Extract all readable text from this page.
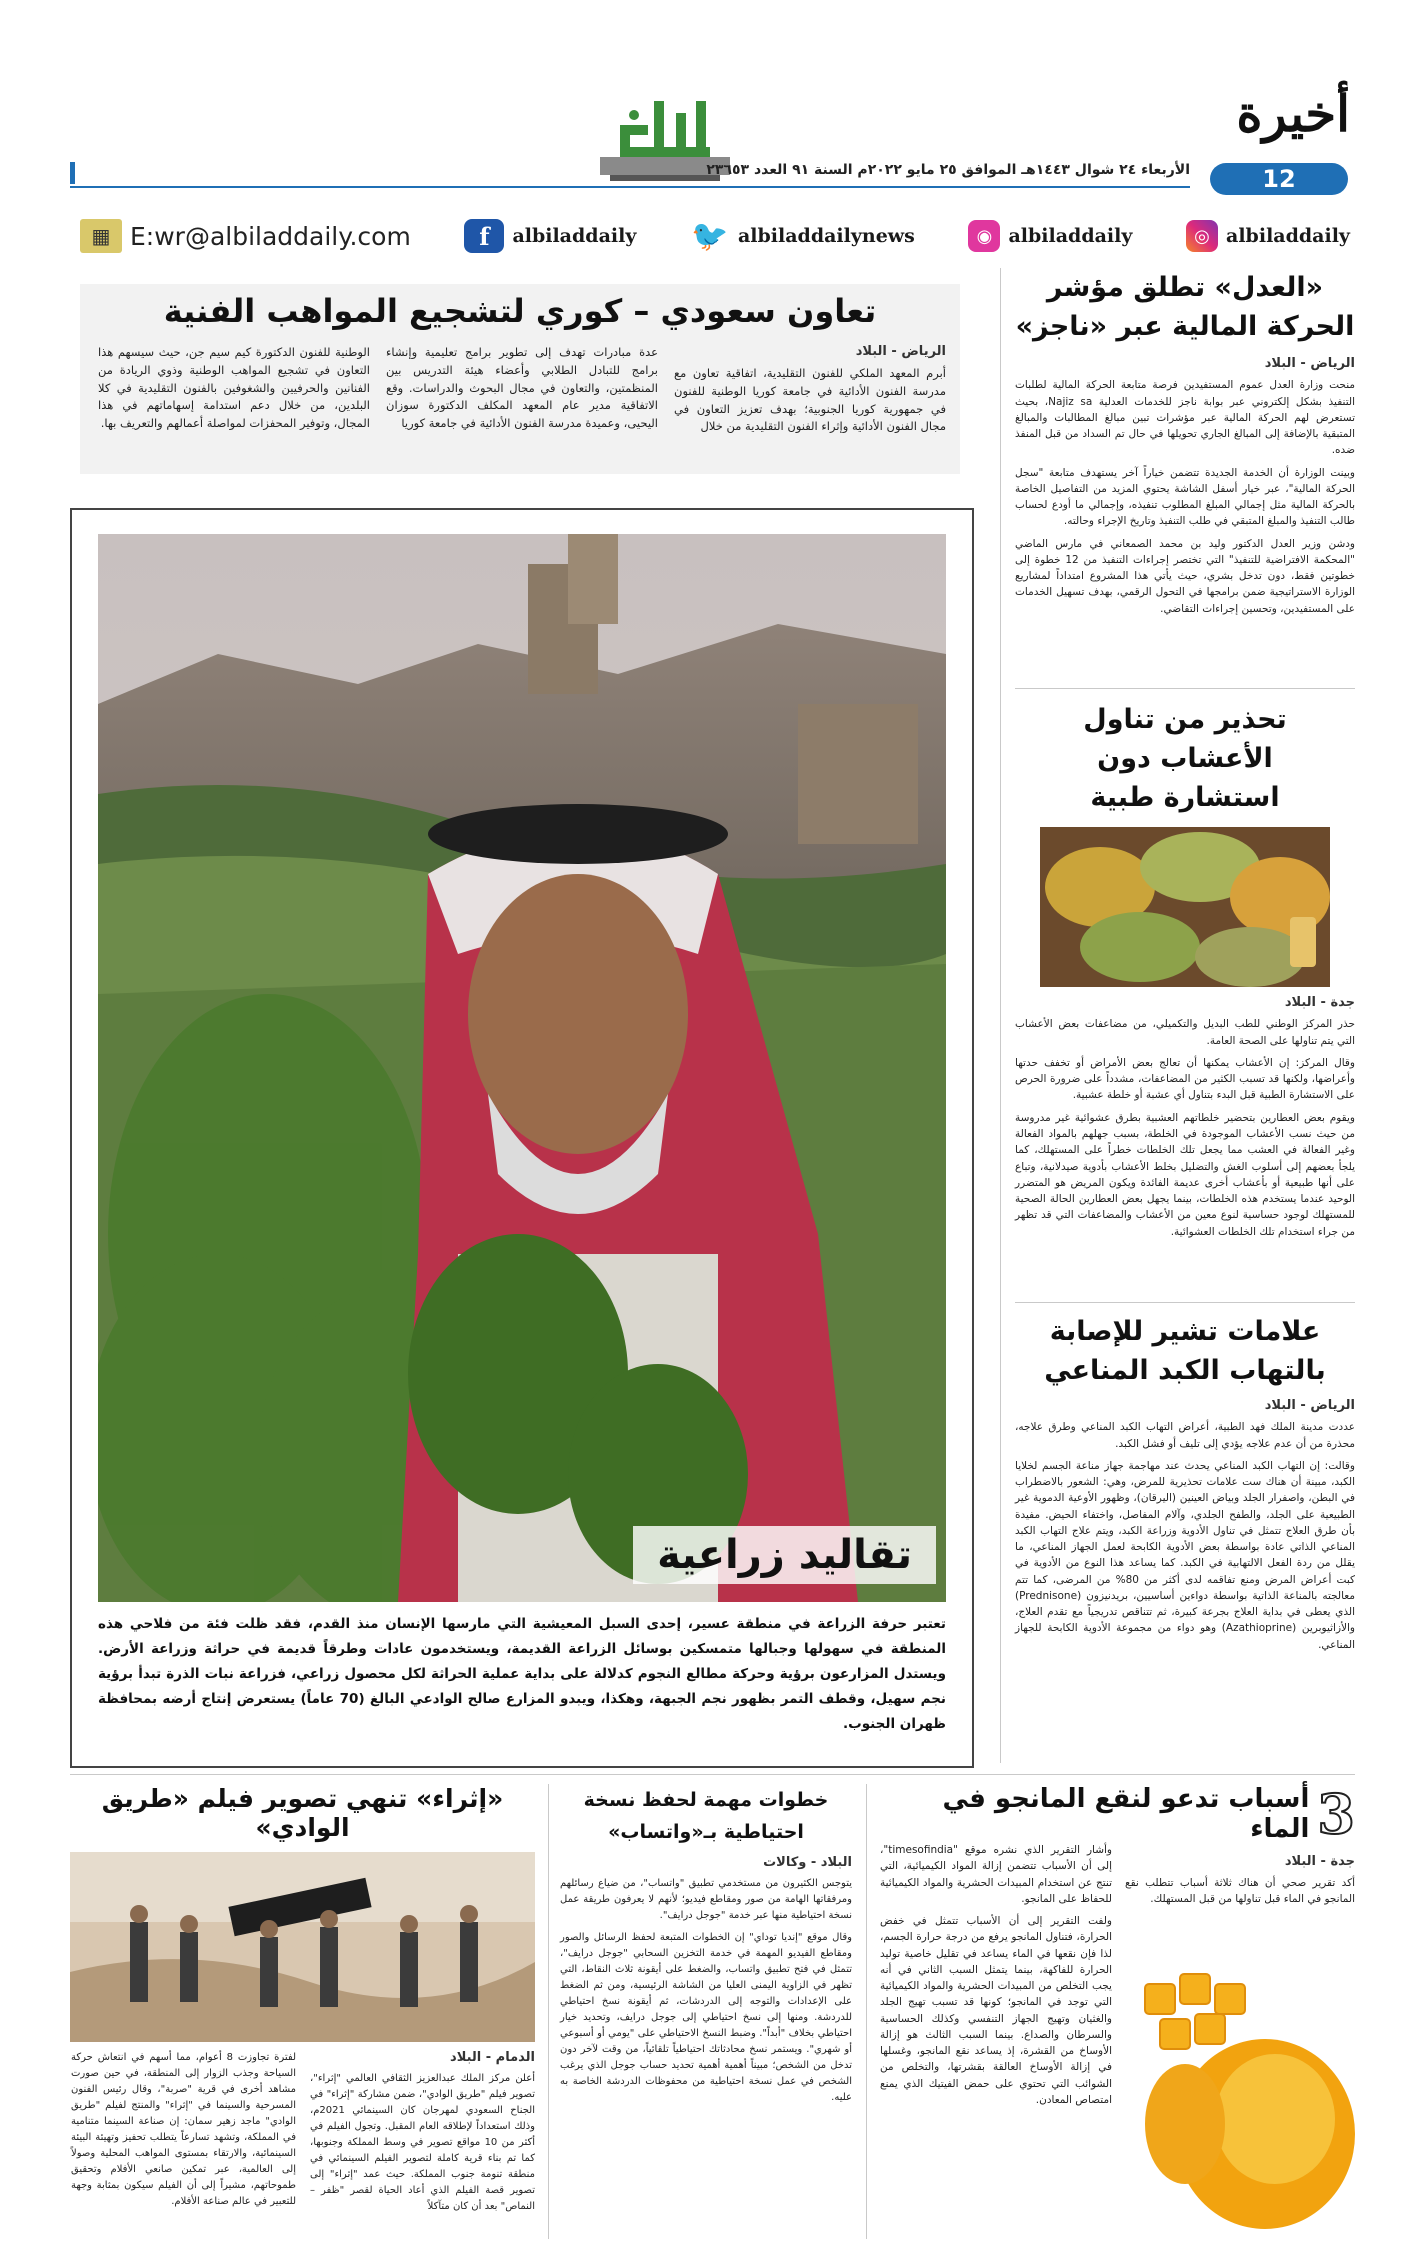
أخيرة
12
الأربعاء ٢٤ شوال ١٤٤٣هـ الموافق ٢٥ مايو ٢٠٢٢م السنة ٩١ العدد ٢٣٦٥٣
◎ albiladdaily
◉ albiladdaily
🐦 albiladdailynews
f	albiladdaily
▦ E:wr@albiladdaily.com
تعاون سعودي – كوري لتشجيع المواهب الفنية
الرياض - البلاد

أبرم المعهد الملكي للفنون التقليدية، اتفاقية تعاون مع مدرسة الفنون الأدائية في جامعة كوريا الوطنية للفنون في جمهورية كوريا الجنوبية؛ بهدف تعزيز التعاون في مجال الفنون الأدائية وإثراء الفنون التقليدية من خلال

عدة مبادرات تهدف إلى تطوير برامج تعليمية وإنشاء برامج للتبادل الطلابي وأعضاء هيئة التدريس بين المنظمتين، والتعاون في مجال البحوث والدراسات. وقع الاتفاقية مدير عام المعهد المكلف الدكتورة سوزان اليحيى، وعميدة مدرسة الفنون الأدائية في جامعة كوريا

الوطنية للفنون الدكتورة كيم سيم جن، حيث سيسهم هذا التعاون في تشجيع المواهب الوطنية وذوي الريادة من الفنانين والحرفيين والشغوفين بالفنون التقليدية في كلا البلدين، من خلال دعم استدامة إسهاماتهم في هذا المجال، وتوفير المحفزات لمواصلة أعمالهم والتعريف بها.

تقاليد زراعية
تعتبر حرفة الزراعة في منطقة عسير، إحدى السبل المعيشية التي مارسها الإنسان منذ القدم، فقد ظلت فئة من فلاحي هذه المنطقة في سهولها وجبالها متمسكين بوسائل الزراعة القديمة، ويستخدمون عادات وطرقاً قديمة في حراثة وزراعة الأرض. ويستدل المزارعون برؤية وحركة مطالع النجوم كدلالة على بداية عملية الحراثة لكل محصول زراعي، فزراعة نبات الذرة تبدأ برؤية نجم سهيل، وقطف التمر بظهور نجم الجبهة، وهكذا، ويبدو المزارع صالح الوادعي البالغ (70 عاماً) يستعرض إنتاج أرضه بمحافظة ظهران الجنوب.
«العدل» تطلق مؤشر الحركة المالية عبر «ناجز»
الرياض - البلاد

منحت وزارة العدل عموم المستفيدين فرصة متابعة الحركة المالية لطلبات التنفيذ بشكل إلكتروني عبر بوابة ناجز للخدمات العدلية Najiz sa، بحيث تستعرض لهم الحركة المالية عبر مؤشرات تبين مبالغ المطالبات والمبالغ المتبقية بالإضافة إلى المبالغ الجاري تحويلها في حال تم السداد من قبل المنفذ ضده.

وبينت الوزارة أن الخدمة الجديدة تتضمن خياراً آخر يستهدف متابعة "سجل الحركة المالية"، عبر خيار أسفل الشاشة يحتوي المزيد من التفاصيل الخاصة بالحركة المالية مثل إجمالي المبلغ المطلوب تنفيذه، وإجمالي ما أودع لحساب طالب التنفيذ والمبلغ المتبقي في طلب التنفيذ وتاريخ الإجراء وحالته.

ودشن وزير العدل الدكتور وليد بن محمد الصمعاني في مارس الماضي "المحكمة الافتراضية للتنفيذ" التي تختصر إجراءات التنفيذ من 12 خطوة إلى خطوتين فقط، دون تدخل بشري، حيث يأتي هذا المشروع امتداداً لمشاريع الوزارة الاستراتيجية ضمن برامجها في التحول الرقمي، بهدف تسهيل الخدمات على المستفيدين، وتحسين إجراءات التقاضي.

تحذير من تناول الأعشاب دون استشارة طبية
جدة - البلاد

حذر المركز الوطني للطب البديل والتكميلي، من مضاعفات بعض الأعشاب التي يتم تناولها على الصحة العامة.

وقال المركز: إن الأعشاب يمكنها أن تعالج بعض الأمراض أو تخفف حدتها وأعراضها، ولكنها قد تسبب الكثير من المضاعفات، مشدداً على ضرورة الحرص على الاستشارة الطبية قبل البدء بتناول أي عشبة أو خلطة عشبية.

ويقوم بعض العطارين بتحضير خلطاتهم العشبية بطرق عشوائية غير مدروسة من حيث نسب الأعشاب الموجودة في الخلطة، بسبب جهلهم بالمواد الفعالة وغير الفعالة في العشب مما يجعل تلك الخلطات خطراً على المستهلك، كما يلجأ بعضهم إلى أسلوب الغش والتضليل بخلط الأعشاب بأدوية صيدلانية، وتباع على أنها طبيعية أو بأعشاب أخرى عديمة الفائدة ويكون المريض هو المتضرر الوحيد عندما يستخدم هذه الخلطات، بينما يجهل بعض العطارين الحالة الصحية للمستهلك لوجود حساسية لنوع معين من الأعشاب والمضاعفات التي قد تظهر من جراء استخدام تلك الخلطات العشوائية.

علامات تشير للإصابة بالتهاب الكبد المناعي
الرياض - البلاد

عددت مدينة الملك فهد الطبية، أعراض التهاب الكبد المناعي وطرق علاجه، محذرة من أن عدم علاجه يؤدي إلى تليف أو فشل الكبد.

وقالت: إن التهاب الكبد المناعي يحدث عند مهاجمة جهاز مناعة الجسم لخلايا الكبد، مبينة أن هناك ست علامات تحذيرية للمرض، وهي: الشعور بالاضطراب في البطن، واصفرار الجلد وبياض العينين (اليرقان)، وظهور الأوعية الدموية غير الطبيعية على الجلد، والطفح الجلدي، وآلام المفاصل، واختفاء الحيض. مفيدة بأن طرق العلاج تتمثل في تناول الأدوية وزراعة الكبد، ويتم علاج التهاب الكبد المناعي الذاتي عادة بواسطة بعض الأدوية الكابحة لعمل الجهاز المناعي، ما يقلل من ردة الفعل الالتهابية في الكبد. كما يساعد هذا النوع من الأدوية في كبت أعراض المرض ومنع تفاقمه لدى أكثر من 80% من المرضى، كما تتم معالجته بالمناعة الذاتية بواسطة دواءين أساسيين، بريدنيزون (Prednisone) الذي يعطى في بداية العلاج بجرعة كبيرة، ثم تتناقص تدريجياً مع تقدم العلاج، والأزاثيوبرين (Azathioprine) وهو دواء من مجموعة الأدوية الكابحة للجهاز المناعي.

3
أسباب تدعو لنقع المانجو في الماء
جدة - البلاد

أكد تقرير صحي أن هناك ثلاثة أسباب تتطلب نقع المانجو في الماء قبل تناولها من قبل المستهلك.

وأشار التقرير الذي نشره موقع "timesofindia"، إلى أن الأسباب تتضمن إزالة المواد الكيميائية، التي تنتج عن استخدام المبيدات الحشرية والمواد الكيميائية للحفاظ على المانجو.

ولفت التقرير إلى أن الأسباب تتمثل في خفض الحرارة، فتناول المانجو يرفع من درجة حرارة الجسم، لذا فإن نقعها في الماء يساعد في تقليل خاصية توليد الحرارة للفاكهة، بينما يتمثل السبب الثاني في أنه يجب التخلص من المبيدات الحشرية والمواد الكيميائية التي توجد في المانجو؛ كونها قد تسبب تهيج الجلد والغثيان وتهيج الجهاز التنفسي وكذلك الحساسية والسرطان والصداع. بينما السبب الثالث هو إزالة الأوساخ من القشرة، إذ يساعد نقع المانجو، وغسلها في إزالة الأوساخ العالقة بقشرتها، والتخلص من الشوائب التي تحتوي على حمض الفيتيك الذي يمنع امتصاص المعادن.

خطوات مهمة لحفظ نسخة احتياطية بـ«واتساب»
البلاد - وكالات

يتوجس الكثيرون من مستخدمي تطبيق "واتساب"، من ضياع رسائلهم ومرفقاتها الهامة من صور ومقاطع فيديو؛ لأنهم لا يعرفون طريقة عمل نسخة احتياطية منها عبر خدمة "جوجل درايف".

وقال موقع "إنديا توداي" إن الخطوات المتبعة لحفظ الرسائل والصور ومقاطع الفيديو المهمة في خدمة التخزين السحابي "جوجل درايف"، تتمثل في فتح تطبيق واتساب، والضغط على أيقونة ثلاث النقاط، التي تظهر في الزاوية اليمنى العليا من الشاشة الرئيسية، ومن ثم الضغط على الإعدادات والتوجه إلى الدردشات، ثم أيقونة نسخ احتياطي للدردشة. ومنها إلى نسخ احتياطي إلى جوجل درايف، وتحديد خيار احتياطي بخلاف "أبداً". وضبط النسخ الاحتياطي على "يومي أو أسبوعي أو شهري". ويستمر نسخ محادثاتك احتياطياً تلقائياً، من وقت لآخر دون تدخل من الشخص؛ مبيناً أهمية أهمية تحديد حساب جوجل الذي يرغب الشخص في عمل نسخة احتياطية من محفوظات الدردشة الخاصة به عليه.

«إثراء» تنهي تصوير فيلم «طريق الوادي»
الدمام - البلاد

أعلن مركز الملك عبدالعزيز الثقافي العالمي "إثراء"، تصوير فيلم "طريق الوادي"، ضمن مشاركة "إثراء" في الجناح السعودي لمهرجان كان السينمائي 2021م، وذلك استعداداً لإطلاقه العام المقبل. وتجول الفيلم في أكثر من 10 مواقع تصوير في وسط المملكة وجنوبها، كما تم بناء قرية كاملة لتصوير الفيلم السينمائي في منطقة تنومة جنوب المملكة. حيث عمد "إثراء" إلى تصوير قصة الفيلم الذي أعاد الحياة لقصر "ظفر – النماص" بعد أن كان متآكلاً

لفترة تجاوزت 8 أعوام، مما أسهم في انتعاش حركة السياحة وجذب الزوار إلى المنطقة، في حين صورت مشاهد أخرى في قرية "صربة"، وقال رئيس الفنون المسرحية والسينما في "إثراء" والمنتج لفيلم "طريق الوادي" ماجد زهير سمان: إن صناعة السينما متنامية في المملكة، وتشهد تسارعاً يتطلب تحفيز وتهيئة البيئة السينمائية، والارتقاء بمستوى المواهب المحلية وصولاً إلى العالمية، عبر تمكين صانعي الأفلام وتحقيق طموحاتهم، مشيراً إلى أن الفيلم سيكون بمثابة وجهة للتعبير في عالم صناعة الأفلام.
